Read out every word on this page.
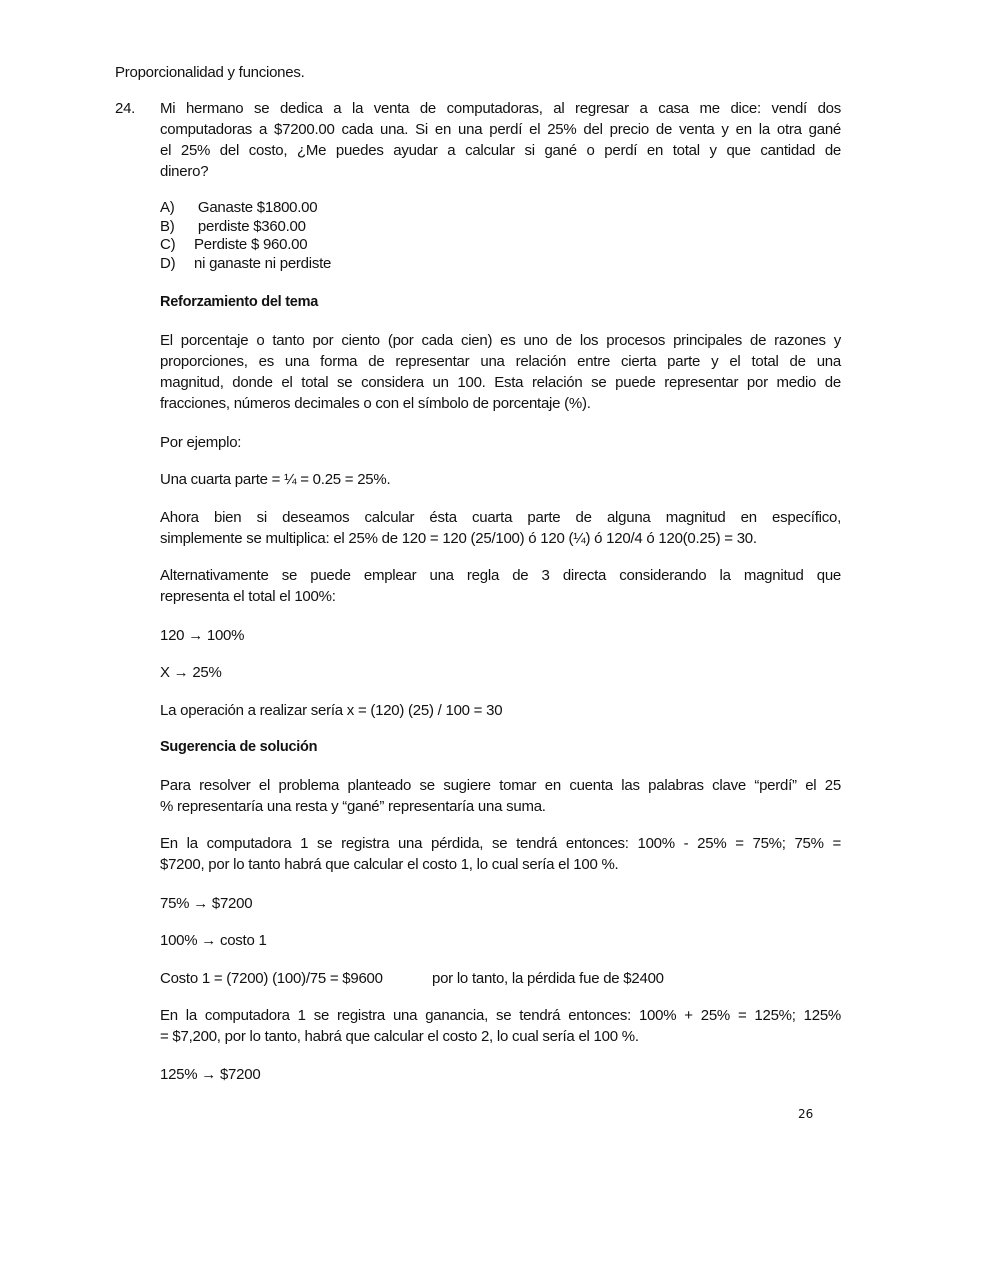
Proporcionalidad y funciones.
24.	Mi hermano se dedica a la venta de computadoras, al regresar a casa me dice: vendí dos
computadoras a $7200.00 cada una. Si en una perdí el 25% del precio de venta y en la otra gané
el 25% del costo, ¿Me puedes ayudar a calcular si gané o perdí en total y que cantidad de
dinero?
A) Ganaste $1800.00
B) perdiste $360.00
C) Perdiste $ 960.00
D) ni ganaste ni perdiste
Reforzamiento del tema
El porcentaje o tanto por ciento (por cada cien) es uno de los procesos principales de razones y
proporciones, es una forma de representar una relación entre cierta parte y el total de una
magnitud, donde el total se considera un 100. Esta relación se puede representar por medio de
fracciones, números decimales o con el símbolo de porcentaje (%).
Por ejemplo:
Una cuarta parte = ¼ = 0.25 = 25%.
Ahora bien si deseamos calcular ésta cuarta parte de alguna magnitud en específico,
simplemente se multiplica: el 25% de 120 = 120 (25/100) ó 120 (¼) ó 120/4 ó 120(0.25) = 30.
Alternativamente se puede emplear una regla de 3 directa considerando la magnitud que
representa el total el 100%:
120 → 100%
X → 25%
La operación a realizar sería x = (120) (25) / 100 = 30
Sugerencia de solución
Para resolver el problema planteado se sugiere tomar en cuenta las palabras clave “perdí” el 25
% representaría una resta y “gané” representaría una suma.
En la computadora 1 se registra una pérdida, se tendrá entonces: 100% - 25% = 75%; 75% =
$7200, por lo tanto habrá que calcular el costo 1, lo cual sería el 100 %.
75% → $7200
100% → costo 1
Costo 1 = (7200) (100)/75 = $9600	por lo tanto, la pérdida fue de $2400
En la computadora 1 se registra una ganancia, se tendrá entonces: 100% + 25% = 125%; 125%
= $7,200, por lo tanto, habrá que calcular el costo 2, lo cual sería el 100 %.
125% → $7200
26
